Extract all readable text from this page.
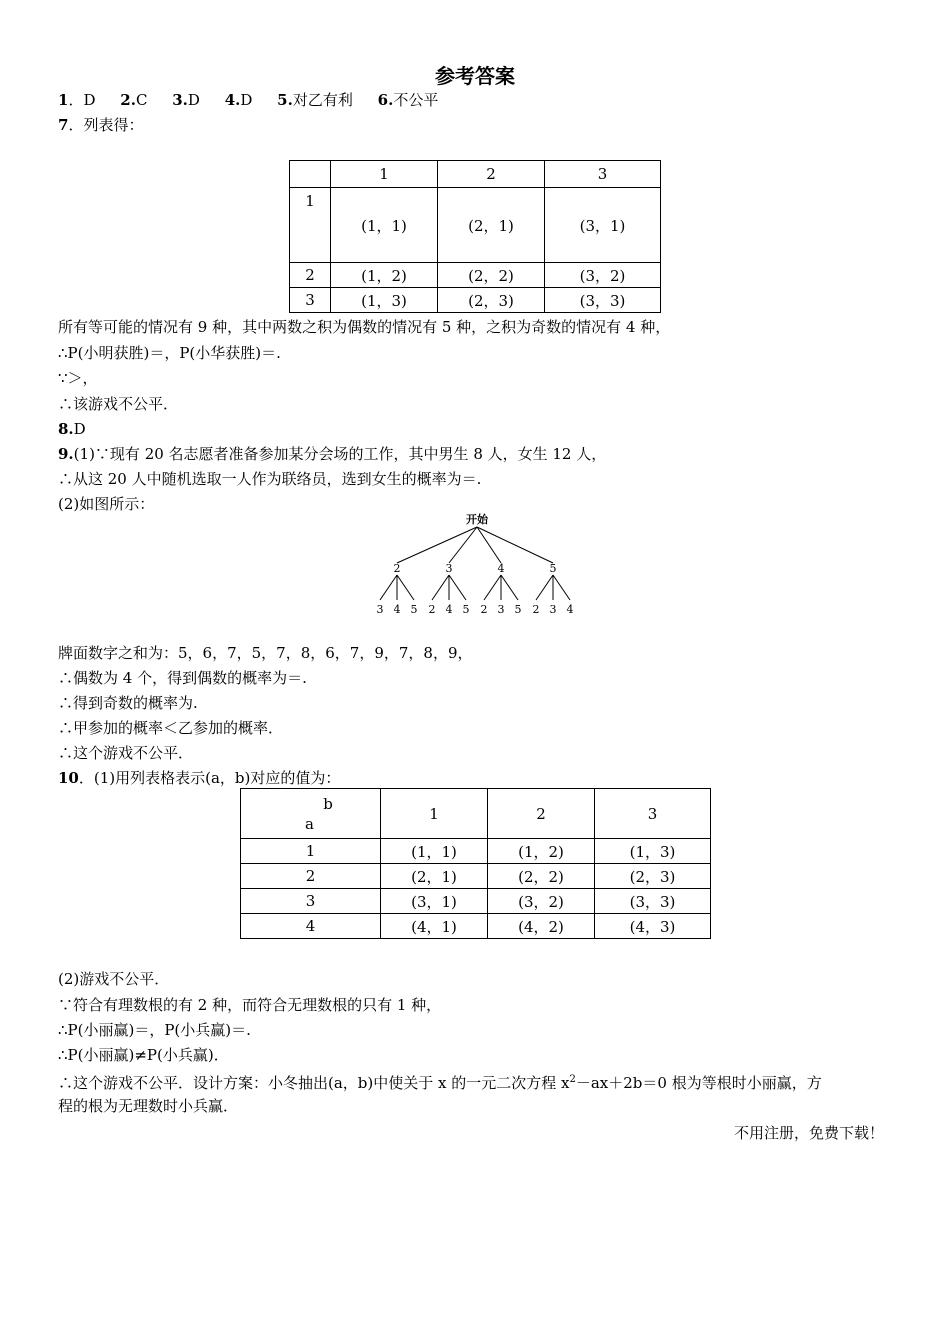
参考答案
1．D 2.C 3.D 4.D 5.对乙有利 6.不公平
7．列表得：
	1	2	3
1	(1，1)	(2，1)	(3，1)
2	(1，2)	(2，2)	(3，2)
3	(1，3)	(2，3)	(3，3)
所有等可能的情况有 9 种，其中两数之积为偶数的情况有 5 种，之积为奇数的情况有 4 种，
∴P(小明获胜)＝，P(小华获胜)＝.
∵＞，
∴该游戏不公平．
8.D
9.(1)∵现有 20 名志愿者准备参加某分会场的工作，其中男生 8 人，女生 12 人，
∴从这 20 人中随机选取一人作为联络员，选到女生的概率为＝.
(2)如图所示：
开始
2	3	4	5
3 4 5 2 4 5 2 3 5 2 3 4
牌面数字之和为：5，6，7，5，7，8，6，7，9，7，8，9，
∴偶数为 4 个，得到偶数的概率为＝.
∴得到奇数的概率为.
∴甲参加的概率＜乙参加的概率．
∴这个游戏不公平．
10．(1)用列表格表示(a，b)对应的值为：
b
a	1	2	3
1	(1，1)	(1，2)	(1，3)
2	(2，1)	(2，2)	(2，3)
3	(3，1)	(3，2)	(3，3)
4	(4，1)	(4，2)	(4，3)
(2)游戏不公平．
∵符合有理数根的有 2 种，而符合无理数根的只有 1 种，
∴P(小丽赢)＝，P(小兵赢)＝.
∴P(小丽赢)≠P(小兵赢)．
∴这个游戏不公平．设计方案：小冬抽出(a，b)中使关于 x 的一元二次方程 $x^2-ax+2b=0$ 根为等根时小丽赢，方
程的根为无理数时小兵赢．
不用注册，免费下载！
